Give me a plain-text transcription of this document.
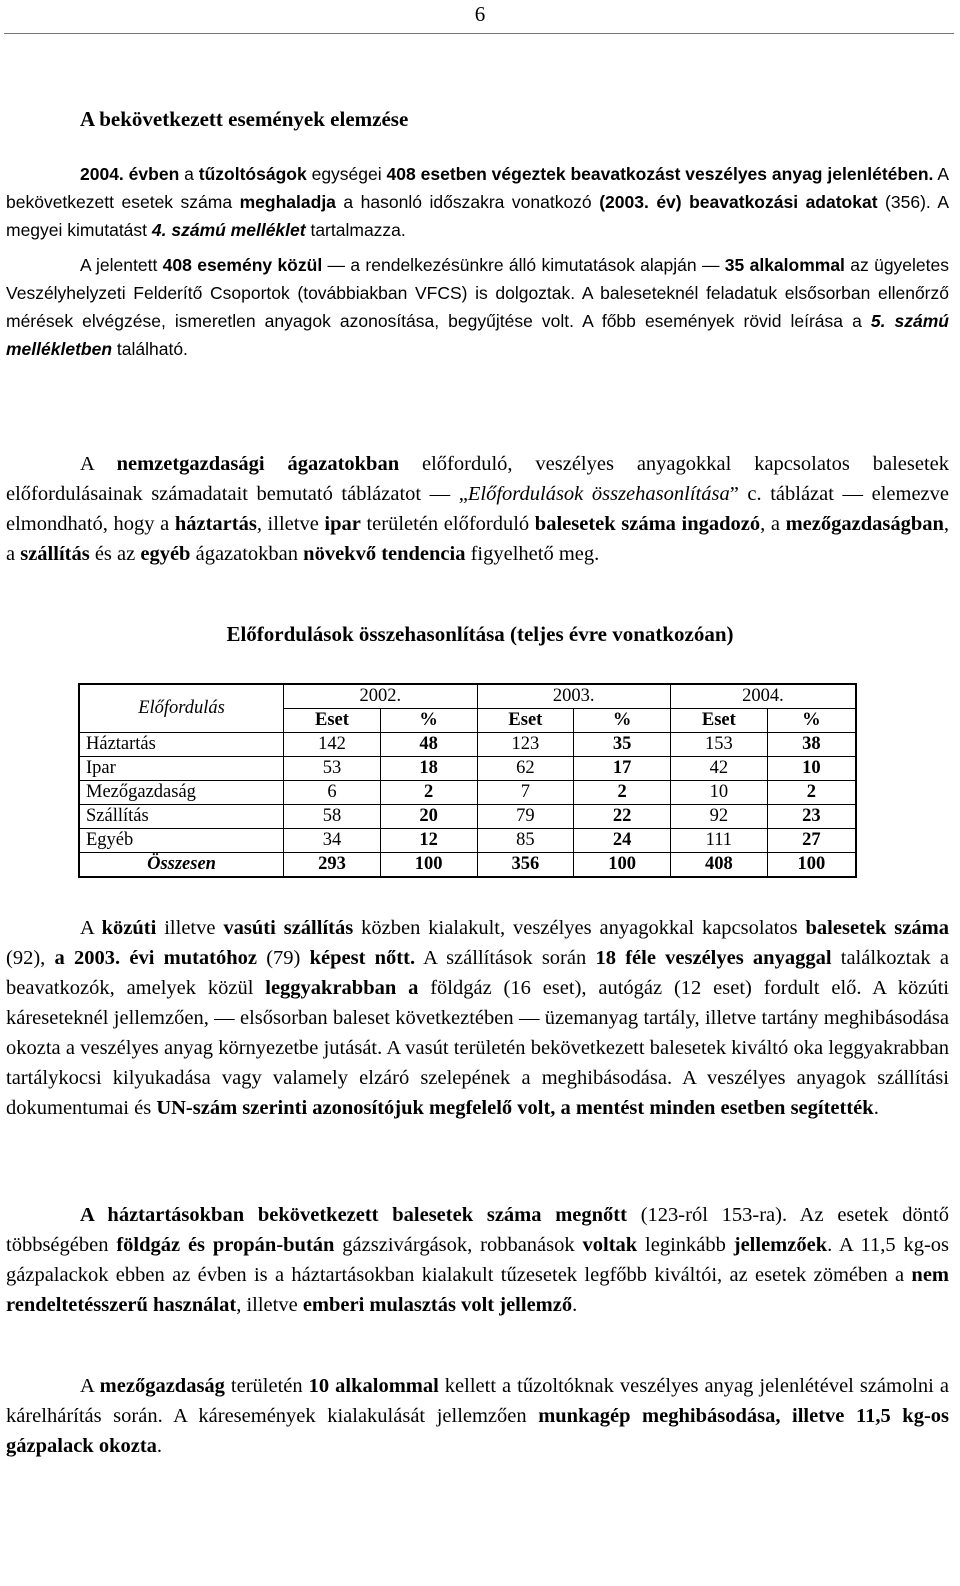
6
A bekövetkezett események elemzése
2004. évben a tűzoltóságok egységei 408 esetben végeztek beavatkozást veszélyes anyag jelenlétében. A bekövetkezett esetek száma meghaladja a hasonló időszakra vonatkozó (2003. év) beavatkozási adatokat (356). A megyei kimutatást 4. számú melléklet tartalmazza.
A jelentett 408 esemény közül — a rendelkezésünkre álló kimutatások alapján — 35 alkalommal az ügyeletes Veszélyhelyzeti Felderítő Csoportok (továbbiakban VFCS) is dolgoztak. A baleseteknél feladatuk elsősorban ellenőrző mérések elvégzése, ismeretlen anyagok azonosítása, begyűjtése volt. A főbb események rövid leírása a 5. számú mellékletben található.
A nemzetgazdasági ágazatokban előforduló, veszélyes anyagokkal kapcsolatos balesetek előfordulásainak számadatait bemutató táblázatot — „Előfordulások összehasonlítása” c. táblázat — elemezve elmondható, hogy a háztartás, illetve ipar területén előforduló balesetek száma ingadozó, a mezőgazdaságban, a szállítás és az egyéb ágazatokban növekvő tendencia figyelhető meg.
Előfordulások összehasonlítása (teljes évre vonatkozóan)
Előfordulás	2002.		2003.		2004.	
	Eset	%	Eset	%	Eset	%
Háztartás	142	48	123	35	153	38
Ipar	53	18	62	17	42	10
Mezőgazdaság	6	2	7	2	10	2
Szállítás	58	20	79	22	92	23
Egyéb	34	12	85	24	111	27
Összesen	293	100	356	100	408	100
A közúti illetve vasúti szállítás közben kialakult, veszélyes anyagokkal kapcsolatos balesetek száma (92), a 2003. évi mutatóhoz (79) képest nőtt. A szállítások során 18 féle veszélyes anyaggal találkoztak a beavatkozók, amelyek közül leggyakrabban a földgáz (16 eset), autógáz (12 eset) fordult elő. A közúti káreseteknél jellemzően, — elsősorban baleset következtében — üzemanyag tartály, illetve tartány meghibásodása okozta a veszélyes anyag környezetbe jutását. A vasút területén bekövetkezett balesetek kiváltó oka leggyakrabban tartálykocsi kilyukadása vagy valamely elzáró szelepének a meghibásodása. A veszélyes anyagok szállítási dokumentumai és UN-szám szerinti azonosítójuk megfelelő volt, a mentést minden esetben segítették.
A háztartásokban bekövetkezett balesetek száma megnőtt (123-ról 153-ra). Az esetek döntő többségében földgáz és propán-bután gázszivárgások, robbanások voltak leginkább jellemzőek. A 11,5 kg-os gázpalackok ebben az évben is a háztartásokban kialakult tűzesetek legfőbb kiváltói, az esetek zömében a nem rendeltetésszerű használat, illetve emberi mulasztás volt jellemző.
A mezőgazdaság területén 10 alkalommal kellett a tűzoltóknak veszélyes anyag jelenlétével számolni a kárelhárítás során. A káresemények kialakulását jellemzően munkagép meghibásodása, illetve 11,5 kg-os gázpalack okozta.
